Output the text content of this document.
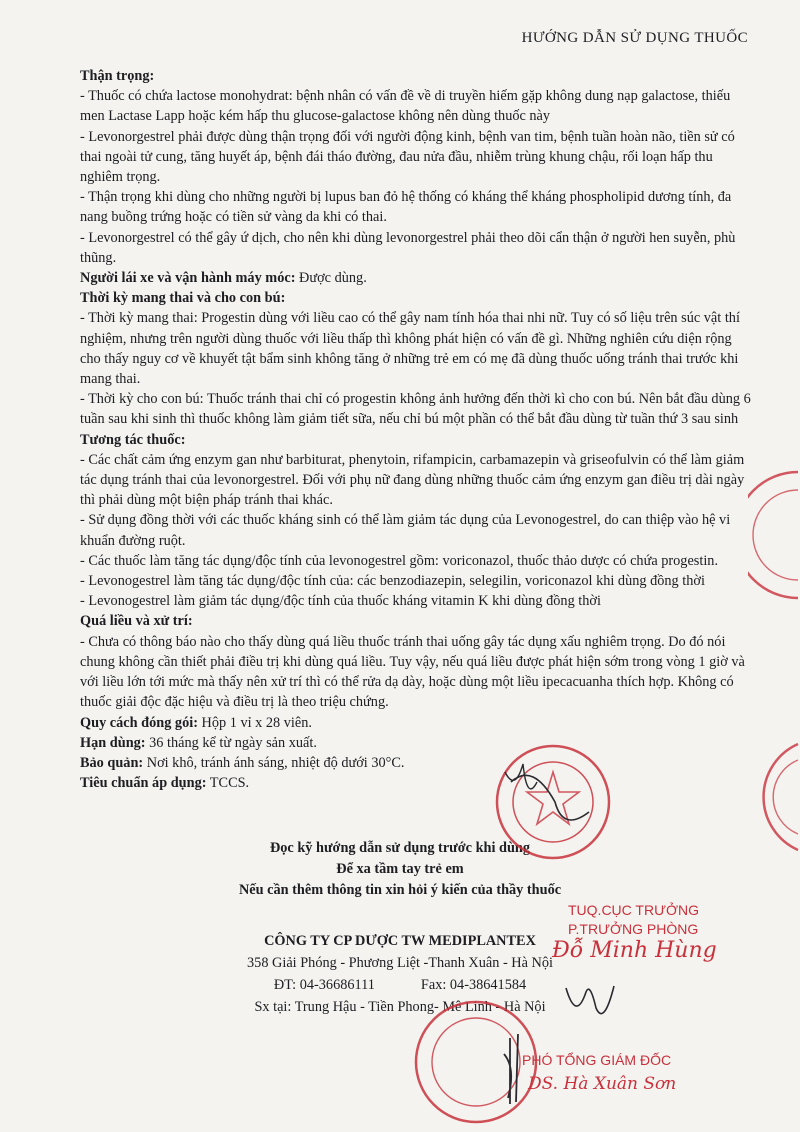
HƯỚNG DẪN SỬ DỤNG THUỐC

Thận trọng:

- Thuốc có chứa lactose monohydrat: bệnh nhân có vấn đề về di truyền hiếm gặp không dung nạp galactose, thiếu men Lactase Lapp hoặc kém hấp thu glucose-galactose không nên dùng thuốc này

- Levonorgestrel phải được dùng thận trọng đối với người động kinh, bệnh van tim, bệnh tuần hoàn não, tiền sử có thai ngoài tử cung, tăng huyết áp, bệnh đái tháo đường, đau nửa đầu, nhiễm trùng khung chậu, rối loạn hấp thu nghiêm trọng.

- Thận trọng khi dùng cho những người bị lupus ban đỏ hệ thống có kháng thể kháng phospholipid dương tính, đa nang buồng trứng hoặc có tiền sử vàng da khi có thai.

- Levonorgestrel có thể gây ứ dịch, cho nên khi dùng levonorgestrel phải theo dõi cẩn thận ở người hen suyễn, phù thũng.

Người lái xe và vận hành máy móc: Được dùng.

Thời kỳ mang thai và cho con bú:

- Thời kỳ mang thai: Progestin dùng với liều cao có thể gây nam tính hóa thai nhi nữ. Tuy có số liệu trên súc vật thí nghiệm, nhưng trên người dùng thuốc với liều thấp thì không phát hiện có vấn đề gì. Những nghiên cứu diện rộng cho thấy nguy cơ về khuyết tật bẩm sinh không tăng ở những trẻ em có mẹ đã dùng thuốc uống tránh thai trước khi mang thai.

- Thời kỳ cho con bú: Thuốc tránh thai chỉ có progestin không ảnh hưởng đến thời kì cho con bú. Nên bắt đầu dùng 6 tuần sau khi sinh thì thuốc không làm giảm tiết sữa, nếu chỉ bú một phần có thể bắt đầu dùng từ tuần thứ 3 sau sinh

Tương tác thuốc:

- Các chất cảm ứng enzym gan như barbiturat, phenytoin, rifampicin, carbamazepin và griseofulvin có thể làm giảm tác dụng tránh thai của levonorgestrel. Đối với phụ nữ đang dùng những thuốc cảm ứng enzym gan điều trị dài ngày thì phải dùng một biện pháp tránh thai khác.

- Sử dụng đồng thời với các thuốc kháng sinh có thể làm giảm tác dụng của Levonogestrel, do can thiệp vào hệ vi khuẩn đường ruột.

- Các thuốc làm tăng tác dụng/độc tính của levonogestrel gồm: voriconazol, thuốc thảo dược có chứa progestin.

- Levonogestrel làm tăng tác dụng/độc tính của: các benzodiazepin, selegilin, voriconazol khi dùng đồng thời

- Levonogestrel làm giảm tác dụng/độc tính của thuốc kháng vitamin K khi dùng đồng thời

Quá liều và xử trí:

- Chưa có thông báo nào cho thấy dùng quá liều thuốc tránh thai uống gây tác dụng xấu nghiêm trọng. Do đó nói chung không cần thiết phải điều trị khi dùng quá liều. Tuy vậy, nếu quá liều được phát hiện sớm trong vòng 1 giờ và với liều lớn tới mức mà thấy nên xử trí thì có thể rửa dạ dày, hoặc dùng một liều ipecacuanha thích hợp. Không có thuốc giải độc đặc hiệu và điều trị là theo triệu chứng.

Quy cách đóng gói: Hộp 1 vỉ x 28 viên.

Hạn dùng: 36 tháng kể từ ngày sản xuất.

Bảo quản: Nơi khô, tránh ánh sáng, nhiệt độ dưới 30°C.

Tiêu chuẩn áp dụng: TCCS.

Đọc kỹ hướng dẫn sử dụng trước khi dùng

Để xa tầm tay trẻ em

Nếu cần thêm thông tin xin hỏi ý kiến của thầy thuốc

CÔNG TY CP DƯỢC TW MEDIPLANTEX

358 Giải Phóng - Phương Liệt -Thanh Xuân - Hà Nội

ĐT: 04-36686111	Fax: 04-38641584

Sx tại: Trung Hậu - Tiền Phong- Mê Linh - Hà Nội

TUQ.CỤC TRƯỞNG
P.TRƯỞNG PHÒNG
Đỗ Minh Hùng
PHÓ TỔNG GIÁM ĐỐC
DS. Hà Xuân Sơn
